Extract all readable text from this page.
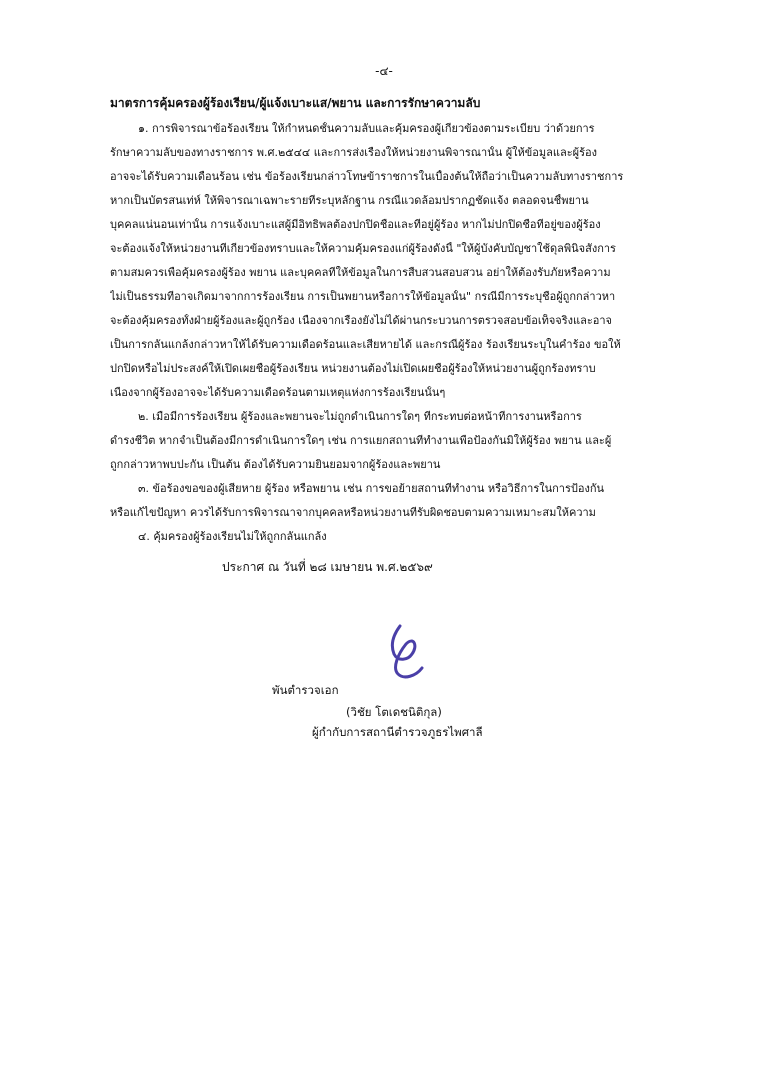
-๔-
มาตรการคุ้มครองผู้ร้องเรียน/ผู้แจ้งเบาะแส/พยาน และการรักษาความลับ
๑. การพิจารณาข้อร้องเรียน ให้กำหนดชั้นความลับและคุ้มครองผู้เกี่ยวข้องตามระเบียบ ว่าด้วยการ
รักษาความลับของทางราชการ พ.ศ.๒๕๔๔ และการส่งเรื่องให้หน่วยงานพิจารณานั้น ผู้ให้ข้อมูลและผู้ร้อง
อาจจะได้รับความเดือนร้อน เช่น ข้อร้องเรียนกล่าวโทษข้าราชการในเบื้องต้นให้ถือว่าเป็นความลับทางราชการ
หากเป็นบัตรสนเท่ห์ ให้พิจารณาเฉพาะรายที่ระบุหลักฐาน กรณีแวดล้อมปรากฏชัดแจ้ง ตลอดจนชี้พยาน
บุคคลแน่นอนเท่านั้น การแจ้งเบาะแสผู้มีอิทธิพลต้องปกปิดชื่อและที่อยู่ผู้ร้อง หากไม่ปกปิดชื่อที่อยู่ของผู้ร้อง
จะต้องแจ้งให้หน่วยงานที่เกี่ยวข้องทราบและให้ความคุ้มครองแก่ผู้ร้องดังนี้ "ให้ผู้บังคับบัญชาใช้ดุลพินิจสั่งการ
ตามสมควรเพื่อคุ้มครองผู้ร้อง พยาน และบุคคลที่ให้ข้อมูลในการสืบสวนสอบสวน อย่าให้ต้องรับภัยหรือความ
ไม่เป็นธรรมที่อาจเกิดมาจากการร้องเรียน การเป็นพยานหรือการให้ข้อมูลนั้น" กรณีมีการระบุชื่อผู้ถูกกล่าวหา
จะต้องคุ้มครองทั้งฝ่ายผู้ร้องและผู้ถูกร้อง เนื่องจากเรื่องยังไม่ได้ผ่านกระบวนการตรวจสอบข้อเท็จจริงและอาจ
เป็นการกลั่นแกล้งกล่าวหาให้ได้รับความเดือดร้อนและเสียหายได้ และกรณีผู้ร้อง ร้องเรียนระบุในคำร้อง ขอให้
ปกปิดหรือไม่ประสงค์ให้เปิดเผยชื่อผู้ร้องเรียน หน่วยงานต้องไม่เปิดเผยชื่อผู้ร้องให้หน่วยงานผู้ถูกร้องทราบ
เนื่องจากผู้ร้องอาจจะได้รับความเดือดร้อนตามเหตุแห่งการร้องเรียนนั้นๆ
๒. เมื่อมีการร้องเรียน ผู้ร้องและพยานจะไม่ถูกดำเนินการใดๆ ที่กระทบต่อหน้าที่การงานหรือการ
ดำรงชีวิต หากจำเป็นต้องมีการดำเนินการใดๆ เช่น การแยกสถานที่ทำงานเพื่อป้องกันมิให้ผู้ร้อง พยาน และผู้
ถูกกล่าวหาพบปะกัน เป็นต้น ต้องได้รับความยินยอมจากผู้ร้องและพยาน
๓. ข้อร้องขอของผู้เสียหาย ผู้ร้อง หรือพยาน เช่น การขอย้ายสถานที่ทำงาน หรือวิธีการในการป้องกัน
หรือแก้ไขปัญหา ควรได้รับการพิจารณาจากบุคคลหรือหน่วยงานที่รับผิดชอบตามความเหมาะสมให้ความ
๔. คุ้มครองผู้ร้องเรียนไม่ให้ถูกกลั่นแกล้ง
ประกาศ ณ วันที่ ๒๘ เมษายน พ.ศ.๒๕๖๙
พันตำรวจเอก
(วิชัย โตเดชนิติกุล)
ผู้กำกับการสถานีตำรวจภูธรไพศาลี
